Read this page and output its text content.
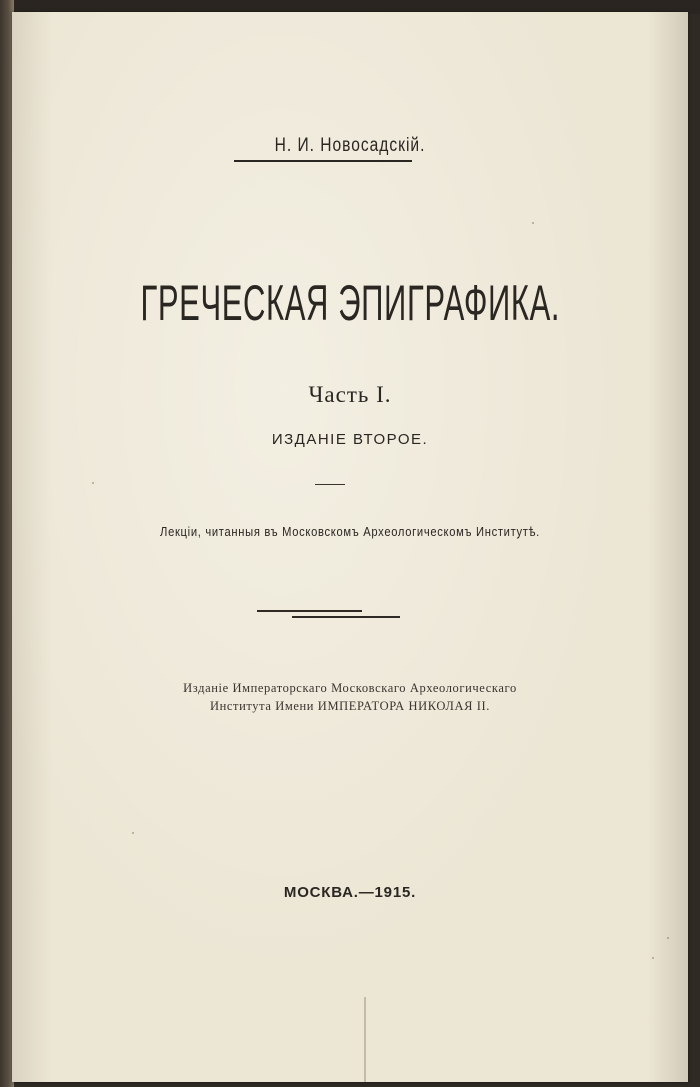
Н. И. Новосадскiй.
ГРЕЧЕСКАЯ ЭПИГРАФИКА.
Часть I.
ИЗДАНIЕ ВТОРОЕ.
Лекцiи, читанныя въ Московскомъ Археологическомъ Институтѣ.
Изданiе Императорскаго Московскаго Археологическаго
Института Имени ИМПЕРАТОРА НИКОЛАЯ II.
МОСКВА.—1915.
